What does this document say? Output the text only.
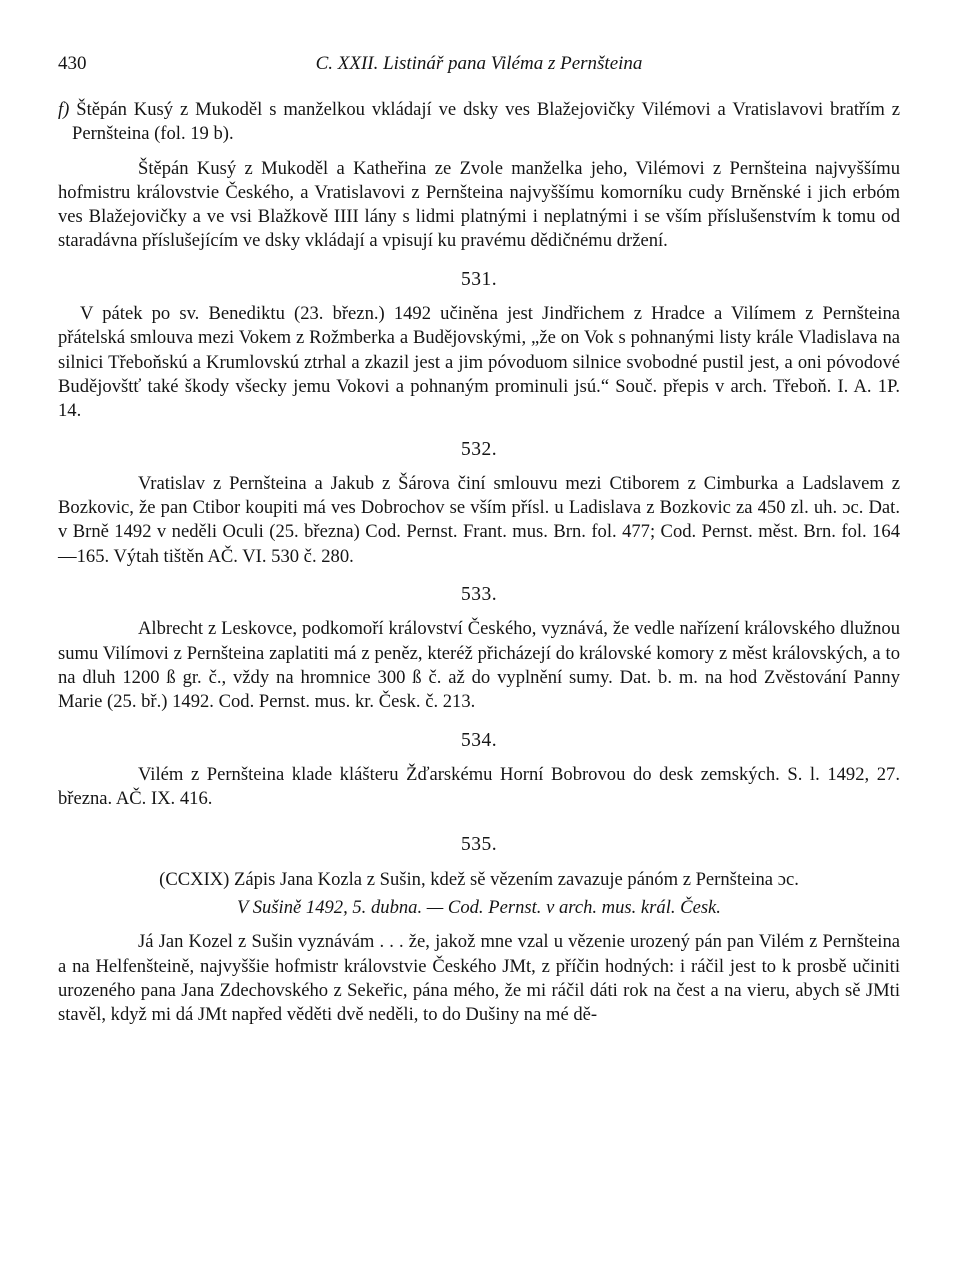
430	C. XXII. Listinář pana Viléma z Pernšteina

f) Štěpán Kusý z Mukoděl s manželkou vkládají ve dsky ves Blažejovičky Vilémovi a Vratislavovi bratřím z Pernšteina (fol. 19 b).

Štěpán Kusý z Mukoděl a Katheřina ze Zvole manželka jeho, Vilémovi z Pernšteina najvyššímu hofmistru královstvie Českého, a Vratislavovi z Pernšteina najvyššímu komorníku cudy Brněnské i jich erbóm ves Blažejovičky a ve vsi Blažkově IIII lány s lidmi platnými i neplatnými i se vším příslušenstvím k tomu od staradávna příslušejícím ve dsky vkládají a vpisují ku pravému dědičnému držení.

531.

V pátek po sv. Benediktu (23. březn.) 1492 učiněna jest Jindřichem z Hradce a Vilímem z Pernšteina přátelská smlouva mezi Vokem z Rožmberka a Budějovskými, „že on Vok s pohnanými listy krále Vladislava na silnici Třeboňskú a Krumlovskú ztrhal a zkazil jest a jim póvoduom silnice svobodné pustil jest, a oni póvodové Budějovštť také škody všecky jemu Vokovi a pohnaným prominuli jsú.“ Souč. přepis v arch. Třeboň. I. A. 1P. 14.

532.

Vratislav z Pernšteina a Jakub z Šárova činí smlouvu mezi Ctiborem z Cimburka a Ladslavem z Bozkovic, že pan Ctibor koupiti má ves Dobrochov se vším přísl. u Ladislava z Bozkovic za 450 zl. uh. ɔc. Dat. v Brně 1492 v neděli Oculi (25. března) Cod. Pernst. Frant. mus. Brn. fol. 477; Cod. Pernst. měst. Brn. fol. 164—165. Výtah tištěn AČ. VI. 530 č. 280.

533.

Albrecht z Leskovce, podkomoří království Českého, vyznává, že vedle nařízení královského dlužnou sumu Vilímovi z Pernšteina zaplatiti má z peněz, kteréž přicházejí do královské komory z měst královských, a to na dluh 1200 ß gr. č., vždy na hromnice 300 ß č. až do vyplnění sumy. Dat. b. m. na hod Zvěstování Panny Marie (25. bř.) 1492. Cod. Pernst. mus. kr. Česk. č. 213.

534.

Vilém z Pernšteina klade klášteru Žďarskému Horní Bobrovou do desk zemských. S. l. 1492, 27. března. AČ. IX. 416.

535.
(CCXIX) Zápis Jana Kozla z Sušin, kdež sě vězením zavazuje pánóm z Pernšteina ɔc.
V Sušině 1492, 5. dubna. — Cod. Pernst. v arch. mus. král. Česk.

Já Jan Kozel z Sušin vyznávám . . . že, jakož mne vzal u vězenie urozený pán pan Vilém z Pernšteina a na Helfenšteině, najvyššie hofmistr královstvie Českého JMt, z příčin hodných: i ráčil jest to k prosbě učiniti urozeného pana Jana Zdechovského z Sekeřic, pána mého, že mi ráčil dáti rok na čest a na vieru, abych sě JMti stavěl, když mi dá JMt napřed věděti dvě neděli, to do Dušiny na mé dě-
